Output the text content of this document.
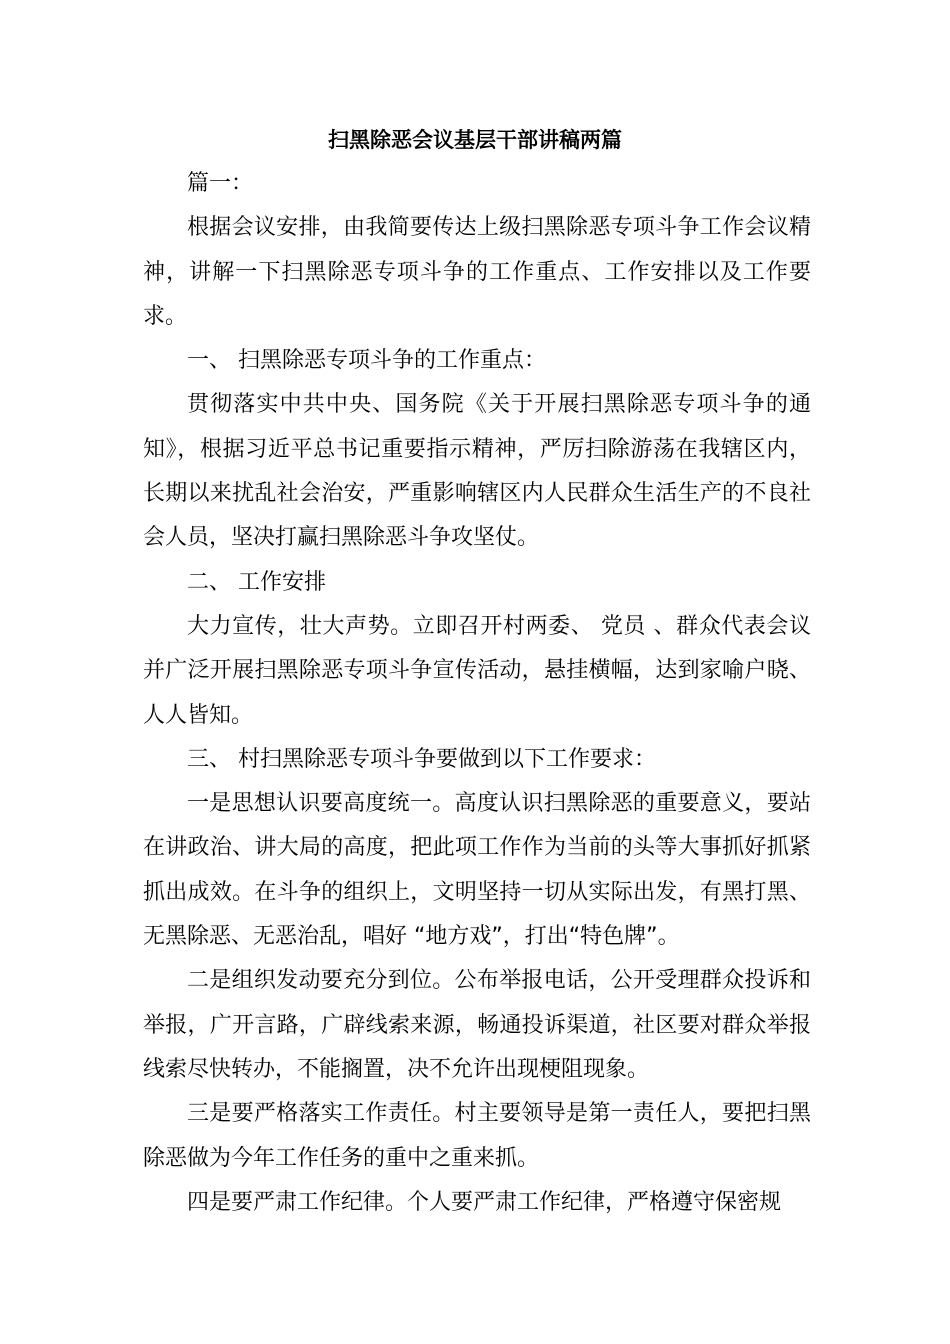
扫黑除恶会议基层干部讲稿两篇

篇一：

根据会议安排，由我简要传达上级扫黑除恶专项斗争工作会议精神，讲解一下扫黑除恶专项斗争的工作重点、工作安排以及工作要求。

一、 扫黑除恶专项斗争的工作重点：

贯彻落实中共中央、国务院《关于开展扫黑除恶专项斗争的通知》，根据习近平总书记重要指示精神，严厉扫除游荡在我辖区内，长期以来扰乱社会治安，严重影响辖区内人民群众生活生产的不良社会人员，坚决打赢扫黑除恶斗争攻坚仗。

二、 工作安排

大力宣传，壮大声势。立即召开村两委、 党员 、群众代表会议并广泛开展扫黑除恶专项斗争宣传活动，悬挂横幅，达到家喻户晓、人人皆知。

三、 村扫黑除恶专项斗争要做到以下工作要求：

一是思想认识要高度统一。高度认识扫黑除恶的重要意义，要站在讲政治、讲大局的高度，把此项工作作为当前的头等大事抓好抓紧抓出成效。在斗争的组织上，文明坚持一切从实际出发，有黑打黑、无黑除恶、无恶治乱，唱好 “地方戏”，打出“特色牌”。

二是组织发动要充分到位。公布举报电话，公开受理群众投诉和举报，广开言路，广辟线索来源，畅通投诉渠道，社区要对群众举报线索尽快转办，不能搁置，决不允许出现梗阻现象。

三是要严格落实工作责任。村主要领导是第一责任人，要把扫黑除恶做为今年工作任务的重中之重来抓。

四是要严肃工作纪律。个人要严肃工作纪律，严格遵守保密规
